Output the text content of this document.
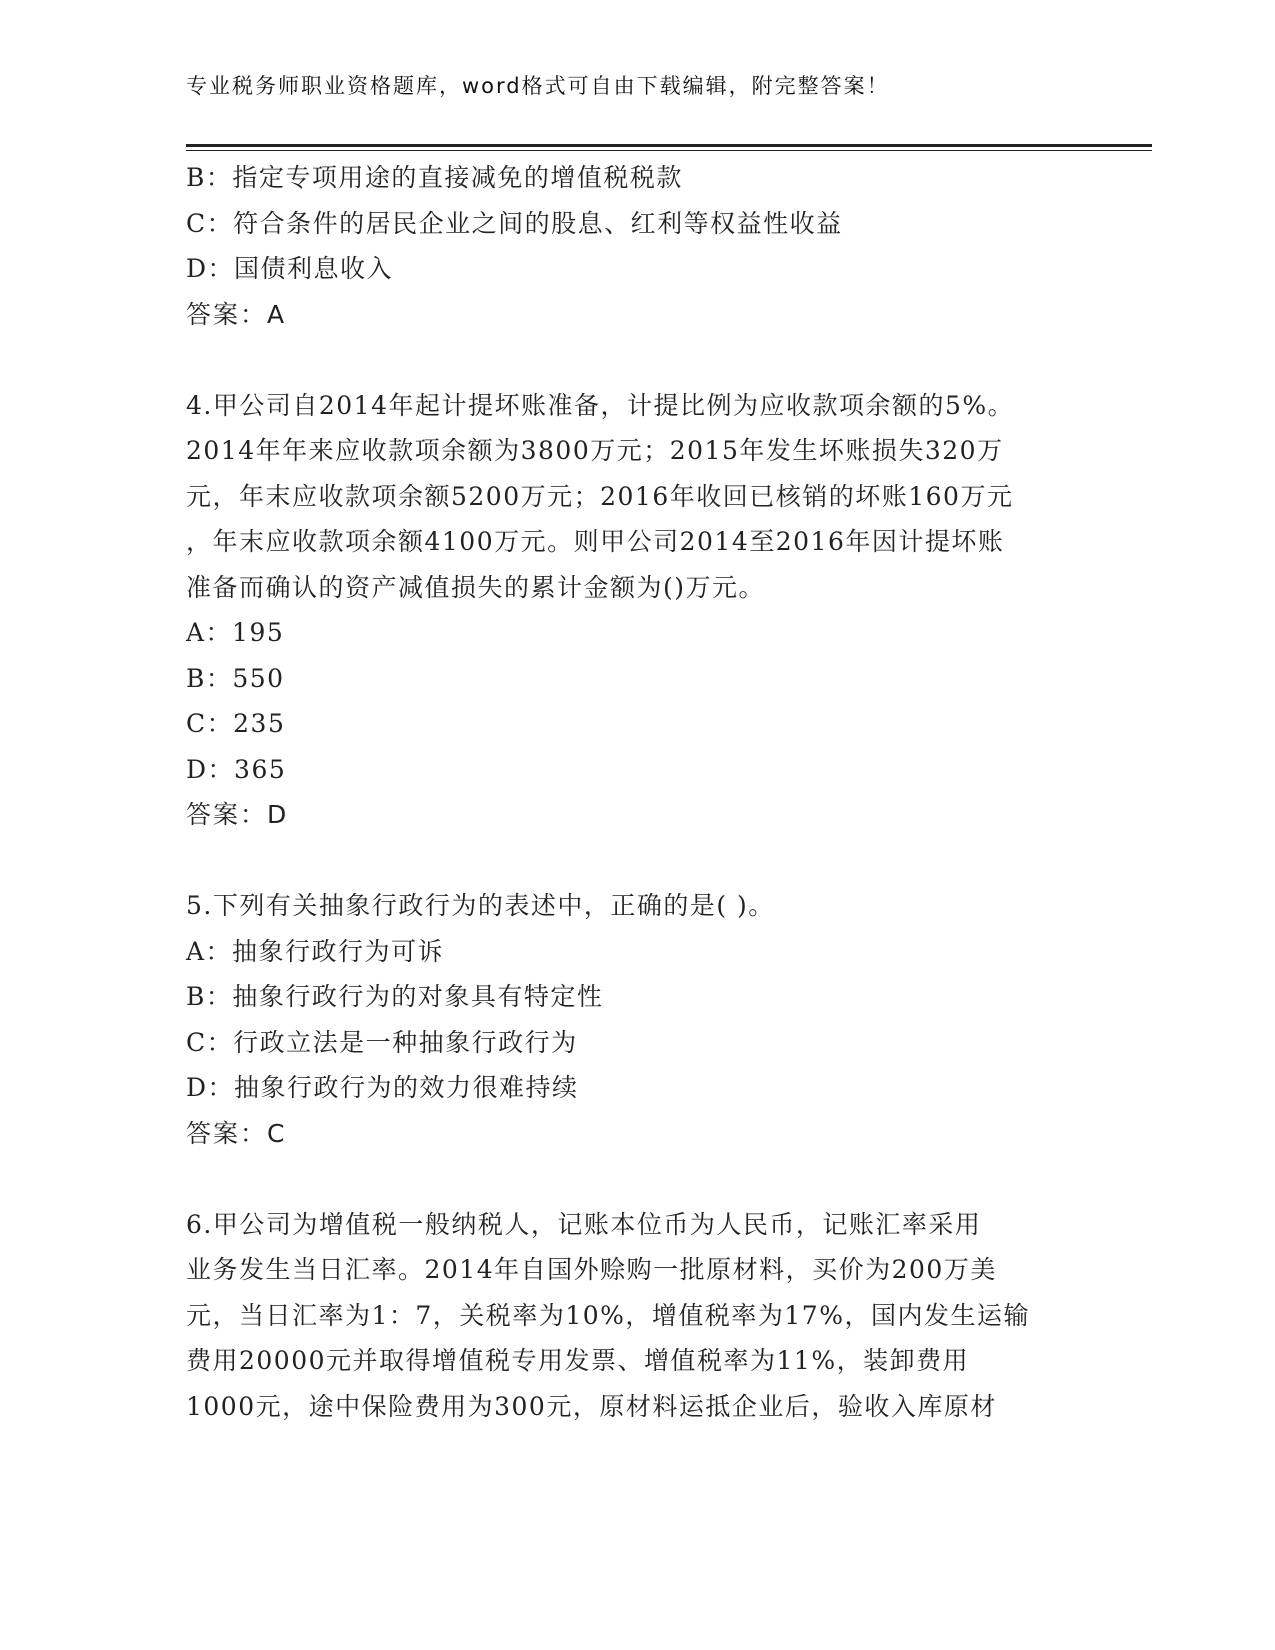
专业税务师职业资格题库，word格式可自由下载编辑，附完整答案！
B：指定专项用途的直接减免的增值税税款
C：符合条件的居民企业之间的股息、红利等权益性收益
D：国债利息收入
答案：A
4.甲公司自2014年起计提坏账准备，计提比例为应收款项余额的5%。
2014年年来应收款项余额为3800万元；2015年发生坏账损失320万
元，年末应收款项余额5200万元；2016年收回已核销的坏账160万元
，年末应收款项余额4100万元。则甲公司2014至2016年因计提坏账
准备而确认的资产减值损失的累计金额为()万元。
A：195
B：550
C：235
D：365
答案：D
5.下列有关抽象行政行为的表述中，正确的是( )。
A：抽象行政行为可诉
B：抽象行政行为的对象具有特定性
C：行政立法是一种抽象行政行为
D：抽象行政行为的效力很难持续
答案：C
6.甲公司为增值税一般纳税人，记账本位币为人民币，记账汇率采用
业务发生当日汇率。2014年自国外赊购一批原材料，买价为200万美
元，当日汇率为1：7，关税率为10%，增值税率为17%，国内发生运输
费用20000元并取得增值税专用发票、增值税率为11%，装卸费用
1000元，途中保险费用为300元，原材料运抵企业后，验收入库原材
